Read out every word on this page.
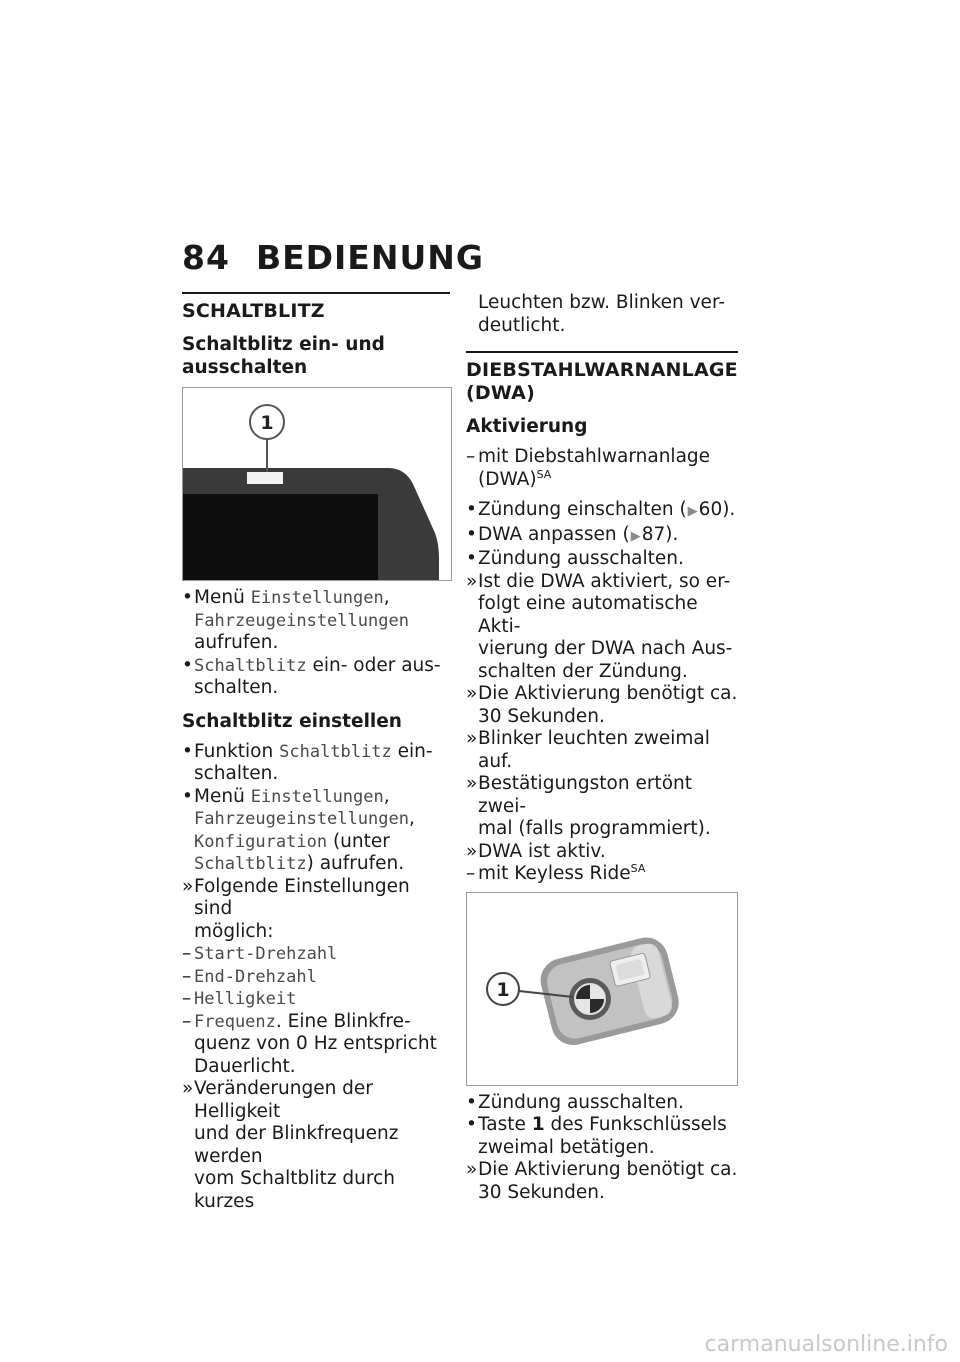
84 BEDIENUNG
SCHALTBLITZ
Schaltblitz ein- und ausschalten
1
• Menü Einstellungen,
Fahrzeugeinstellungen
aufrufen.
• Schaltblitz ein- oder aus-
schalten.
Schaltblitz einstellen
• Funktion Schaltblitz ein-
schalten.
• Menü Einstellungen,
Fahrzeugeinstellungen,
Konfiguration (unter
Schaltblitz) aufrufen.
» Folgende Einstellungen sind
möglich:
– Start-Drehzahl
– End-Drehzahl
– Helligkeit
– Frequenz. Eine Blinkfre-
quenz von 0 Hz entspricht
Dauerlicht.
» Veränderungen der Helligkeit
und der Blinkfrequenz werden
vom Schaltblitz durch kurzes
Leuchten bzw. Blinken ver-
deutlicht.
DIEBSTAHLWARNANLAGE
(DWA)
Aktivierung
– mit Diebstahlwarnanlage
(DWA)$^{SA}$
• Zündung einschalten (▶60).
• DWA anpassen (▶87).
• Zündung ausschalten.
» Ist die DWA aktiviert, so er-
folgt eine automatische Akti-
vierung der DWA nach Aus-
schalten der Zündung.
» Die Aktivierung benötigt ca.
30 Sekunden.
» Blinker leuchten zweimal auf.
» Bestätigungston ertönt zwei-
mal (falls programmiert).
» DWA ist aktiv.
– mit Keyless Ride$^{SA}$
1
• Zündung ausschalten.
• Taste 1 des Funkschlüssels
zweimal betätigen.
» Die Aktivierung benötigt ca.
30 Sekunden.
carmanualsonline.info
